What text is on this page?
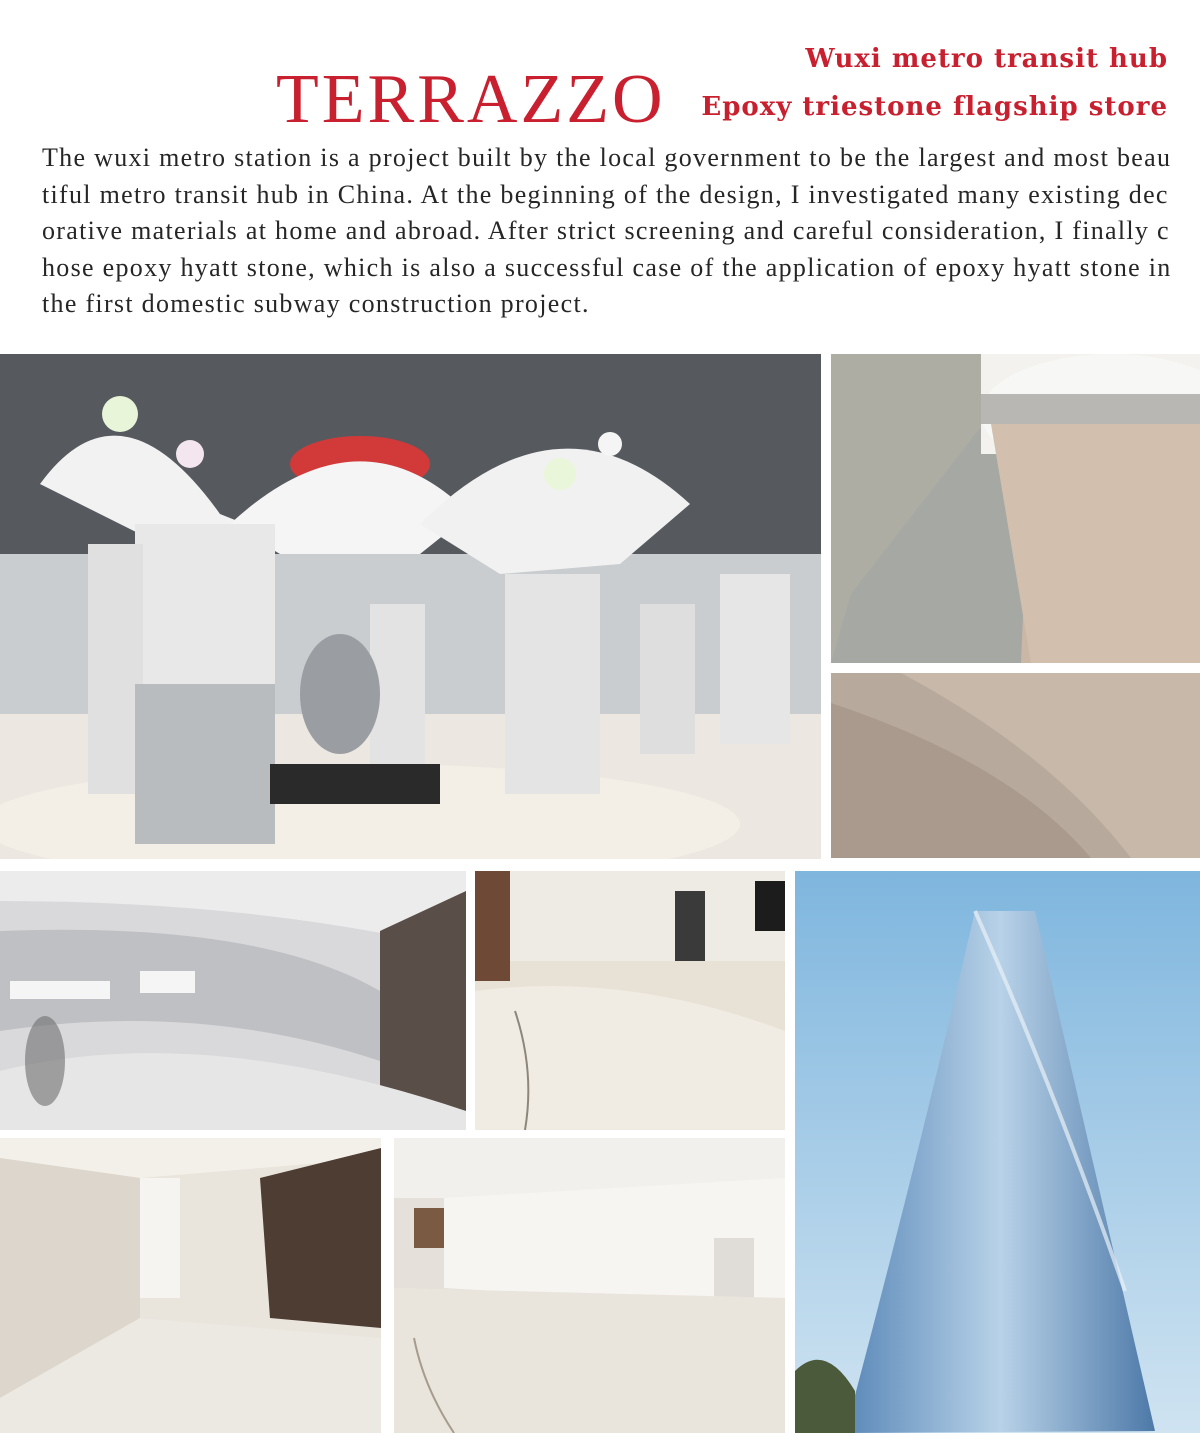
Wuxi metro transit hub
TERRAZZO Epoxy triestone flagship store

The wuxi metro station is a project built by the local government to be the largest and most beautiful metro transit hub in China. At the beginning of the design, I investigated many existing decorative materials at home and abroad. After strict screening and careful consideration, I finally chose epoxy hyatt stone, which is also a successful case of the application of epoxy hyatt stone in the first domestic subway construction project.
